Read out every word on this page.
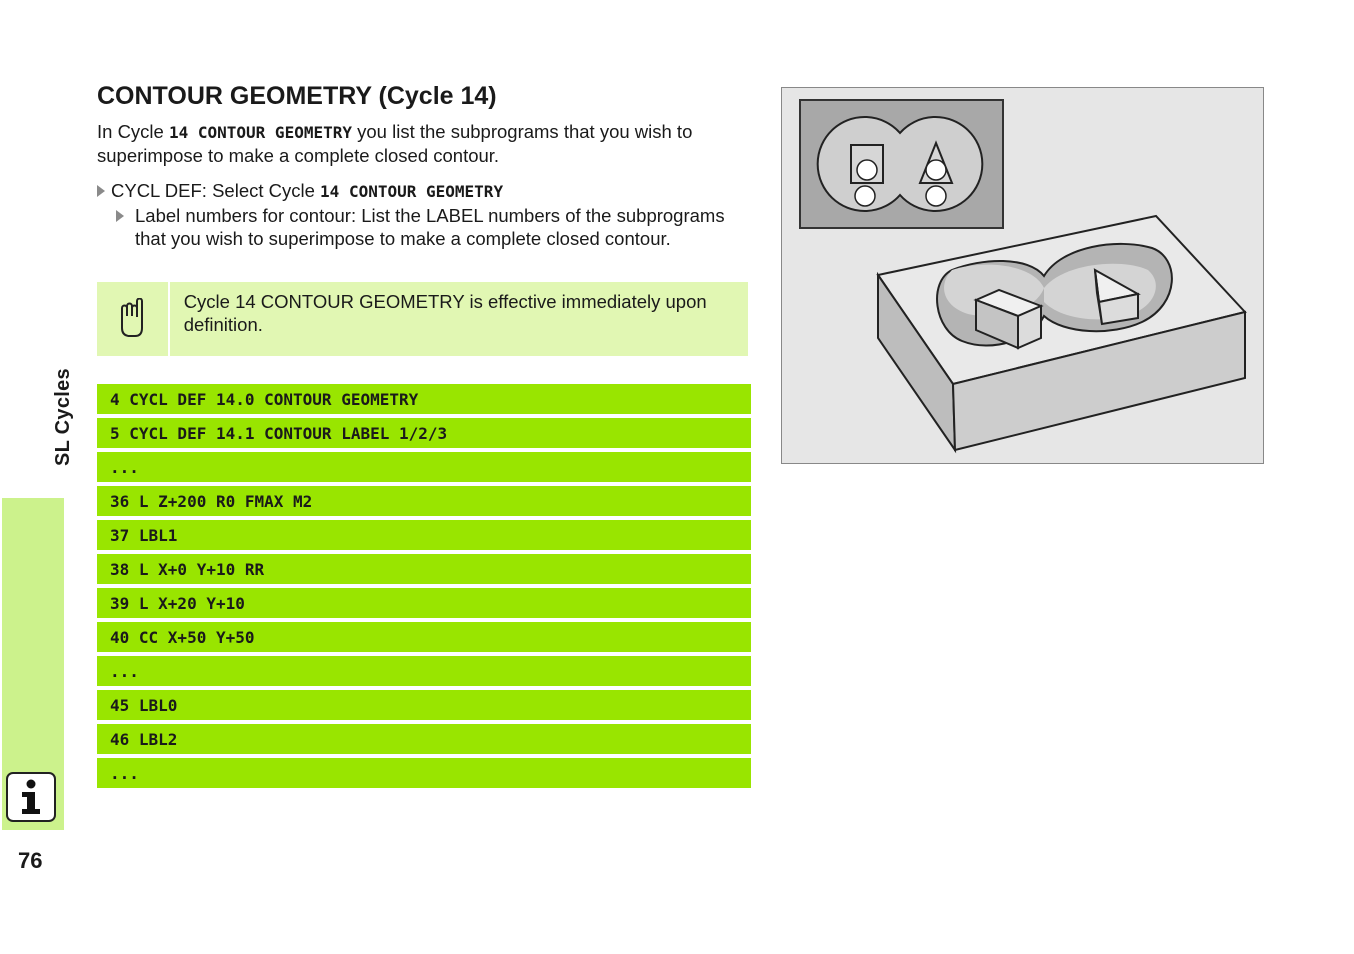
SL Cycles
76
CONTOUR GEOMETRY (Cycle 14)
In Cycle 14 CONTOUR GEOMETRY you list the subprograms that you wish to superimpose to make a complete closed contour.
CYCL DEF: Select Cycle 14 CONTOUR GEOMETRY
Label numbers for contour: List the LABEL numbers of the subprograms that you wish to superimpose to make a complete closed contour.
Cycle 14 CONTOUR GEOMETRY is effective immediately upon definition.
4 CYCL DEF 14.0 CONTOUR GEOMETRY
5 CYCL DEF 14.1 CONTOUR LABEL 1/2/3
...
36 L Z+200 R0 FMAX M2
37 LBL1
38 L X+0 Y+10 RR
39 L X+20 Y+10
40 CC X+50 Y+50
...
45 LBL0
46 LBL2
...
